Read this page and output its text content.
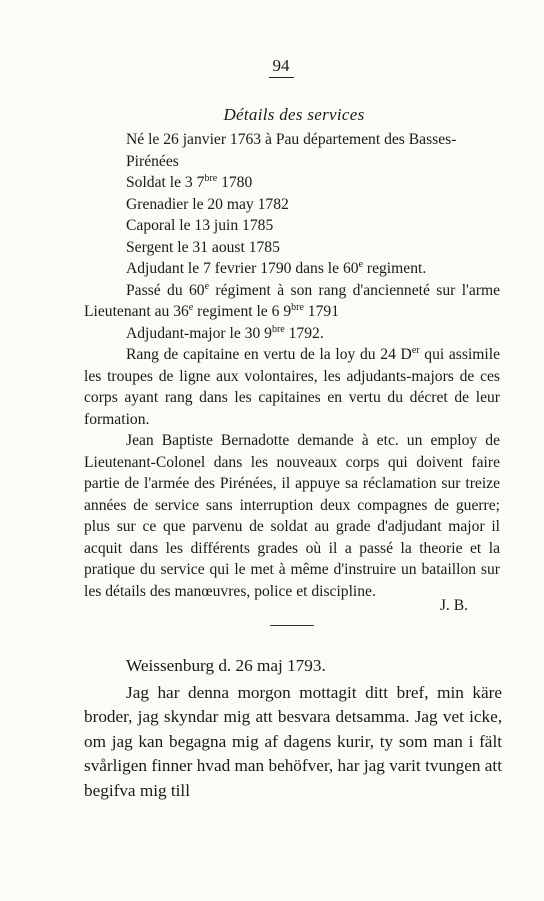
94
Détails des services

Né le 26 janvier 1763 à Pau département des Basses-
Pirénées

Soldat le 3 $7^{bre}$ 1780

Grenadier le 20 may 1782

Caporal le 13 juin 1785

Sergent le 31 aoust 1785

Adjudant le 7 fevrier 1790 dans le 60e regiment.

Passé du 60e régiment à son rang d'ancienneté sur l'arme Lieutenant au 36e regiment le 6 $9^{bre}$ 1791

Adjudant-major le 30 $9^{bre}$ 1792.

Rang de capitaine en vertu de la loy du 24 Der qui assimile les troupes de ligne aux volontaires, les adjudants-majors de ces corps ayant rang dans les capitaines en vertu du décret de leur formation.

Jean Baptiste Bernadotte demande à etc. un employ de Lieutenant-Colonel dans les nouveaux corps qui doivent faire partie de l'armée des Pirénées, il appuye sa réclamation sur treize années de service sans interruption deux compagnes de guerre; plus sur ce que parvenu de soldat au grade d'adjudant major il acquit dans les différents grades où il a passé la theorie et la pratique du service qui le met à même d'instruire un bataillon sur les détails des manœuvres, police et discipline.

J. B.

Weissenburg d. 26 maj 1793.

Jag har denna morgon mottagit ditt bref, min käre broder, jag skyndar mig att besvara detsamma. Jag vet icke, om jag kan begagna mig af dagens kurir, ty som man i fält svårligen finner hvad man behöfver, har jag varit tvungen att begifva mig till
